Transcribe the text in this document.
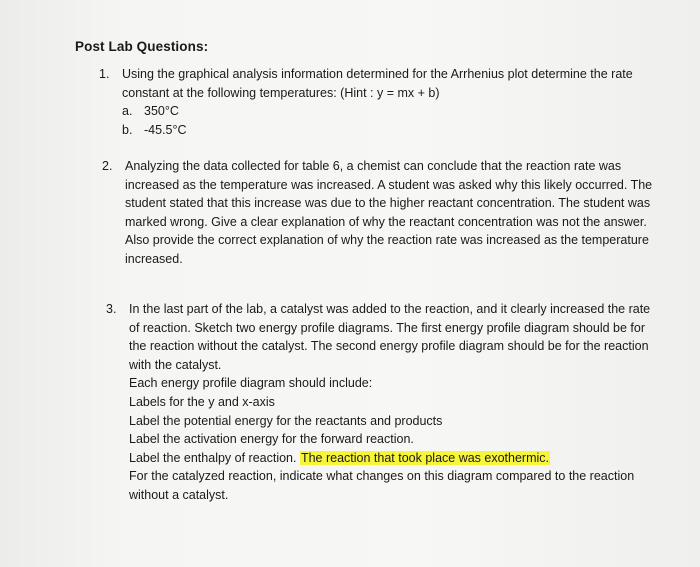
Post Lab Questions:
1. Using the graphical analysis information determined for the Arrhenius plot determine the rate
constant at the following temperatures: (Hint : y = mx + b)
a. 350°C
b. -45.5°C
2. Analyzing the data collected for table 6, a chemist can conclude that the reaction rate was
increased as the temperature was increased. A student was asked why this likely occurred. The
student stated that this increase was due to the higher reactant concentration. The student was
marked wrong. Give a clear explanation of why the reactant concentration was not the answer.
Also provide the correct explanation of why the reaction rate was increased as the temperature
increased.
3. In the last part of the lab, a catalyst was added to the reaction, and it clearly increased the rate
of reaction. Sketch two energy profile diagrams. The first energy profile diagram should be for
the reaction without the catalyst. The second energy profile diagram should be for the reaction
with the catalyst.
Each energy profile diagram should include:
Labels for the y and x-axis
Label the potential energy for the reactants and products
Label the activation energy for the forward reaction.
Label the enthalpy of reaction. The reaction that took place was exothermic.
For the catalyzed reaction, indicate what changes on this diagram compared to the reaction
without a catalyst.
